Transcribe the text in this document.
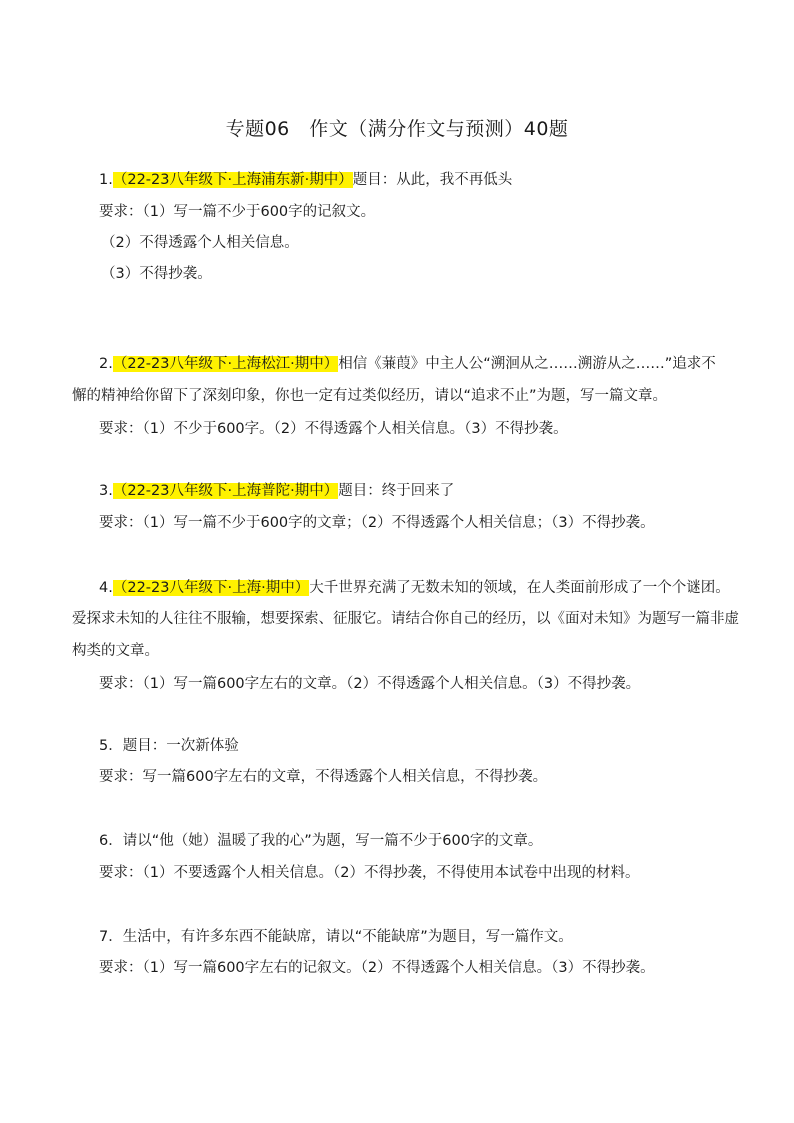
专题06　作文（满分作文与预测）40题
1.（22-23八年级下·上海浦东新·期中）题目：从此，我不再低头
要求：（1）写一篇不少于600字的记叙文。
（2）不得透露个人相关信息。
（3）不得抄袭。
2.（22-23八年级下·上海松江·期中）相信《蒹葭》中主人公“溯洄从之……溯游从之……”追求不
懈的精神给你留下了深刻印象，你也一定有过类似经历，请以“追求不止”为题，写一篇文章。
要求：（1）不少于600字。（2）不得透露个人相关信息。（3）不得抄袭。
3.（22-23八年级下·上海普陀·期中）题目：终于回来了
要求：（1）写一篇不少于600字的文章；（2）不得透露个人相关信息；（3）不得抄袭。
4.（22-23八年级下·上海·期中）大千世界充满了无数未知的领域，在人类面前形成了一个个谜团。
爱探求未知的人往往不服输，想要探索、征服它。请结合你自己的经历，以《面对未知》为题写一篇非虚
构类的文章。
要求：（1）写一篇600字左右的文章。（2）不得透露个人相关信息。（3）不得抄袭。
5．题目：一次新体验
要求：写一篇600字左右的文章，不得透露个人相关信息，不得抄袭。
6．请以“他（她）温暖了我的心”为题，写一篇不少于600字的文章。
要求：（1）不要透露个人相关信息。（2）不得抄袭，不得使用本试卷中出现的材料。
7．生活中，有许多东西不能缺席，请以“不能缺席”为题目，写一篇作文。
要求：（1）写一篇600字左右的记叙文。（2）不得透露个人相关信息。（3）不得抄袭。
